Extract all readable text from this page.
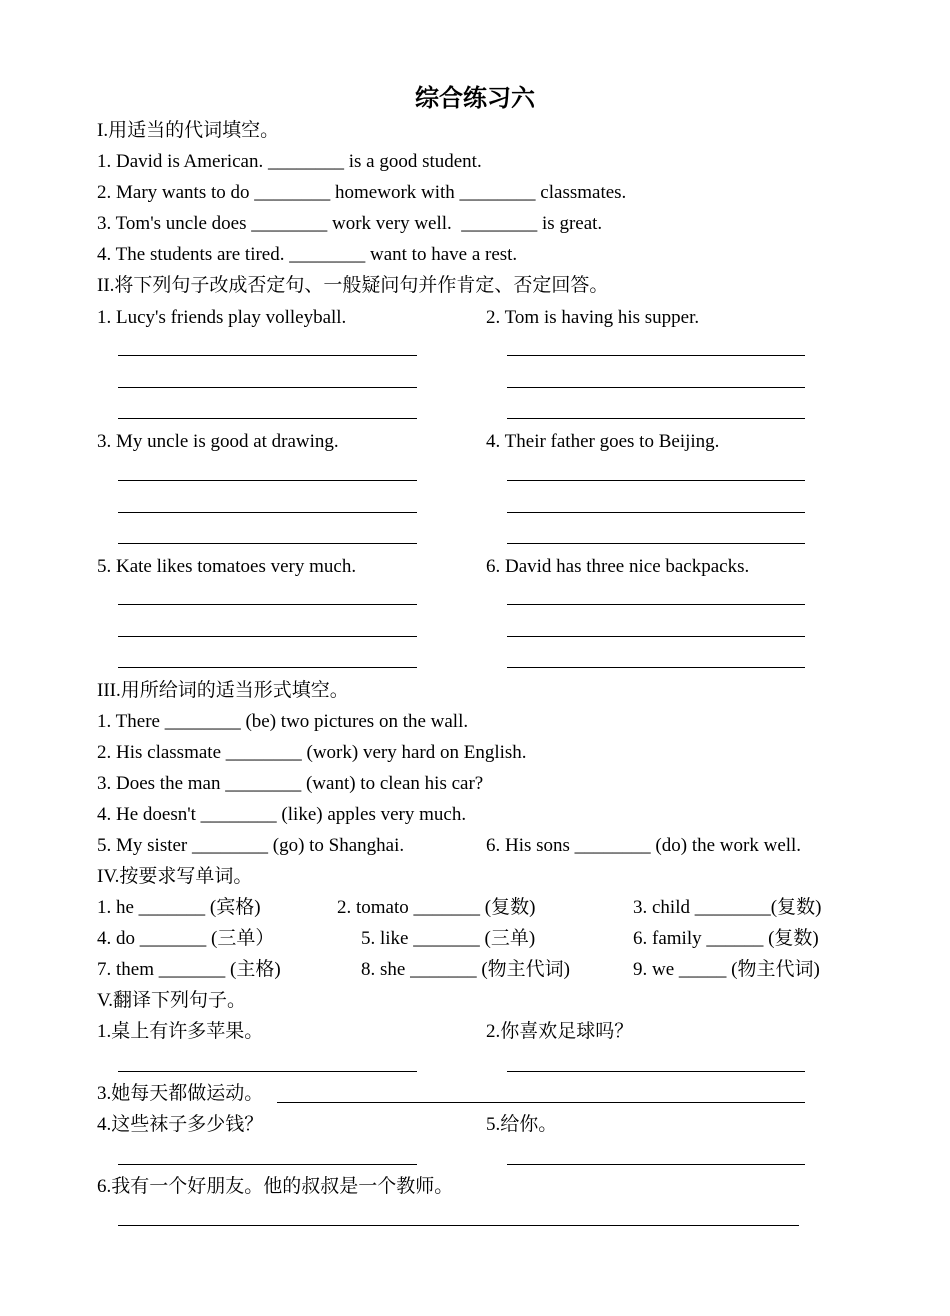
综合练习六
I.用适当的代词填空。
1. David is American. ________ is a good student.
2. Mary wants to do ________ homework with ________ classmates.
3. Tom's uncle does ________ work very well.  ________ is great.
4. The students are tired. ________ want to have a rest.
II.将下列句子改成否定句、一般疑问句并作肯定、否定回答。
1. Lucy's friends play volleyball.	2. Tom is having his supper.
3. My uncle is good at drawing.	4. Their father goes to Beijing.
5. Kate likes tomatoes very much.	6. David has three nice backpacks.
III.用所给词的适当形式填空。
1. There ________ (be) two pictures on the wall.
2. His classmate ________ (work) very hard on English.
3. Does the man ________ (want) to clean his car?
4. He doesn't ________ (like) apples very much.
5. My sister ________ (go) to Shanghai.	6. His sons ________ (do) the work well.
IV.按要求写单词。
1. he _______ (宾格)	2. tomato _______ (复数)	3. child ________(复数)
4. do _______ (三单）	5. like _______ (三单)	6. family ______ (复数)
7. them _______ (主格)	8. she _______ (物主代词)	9. we _____ (物主代词)
V.翻译下列句子。
1.桌上有许多苹果。	2.你喜欢足球吗？
3.她每天都做运动。
4.这些袜子多少钱？	5.给你。
6.我有一个好朋友。他的叔叔是一个教师。
